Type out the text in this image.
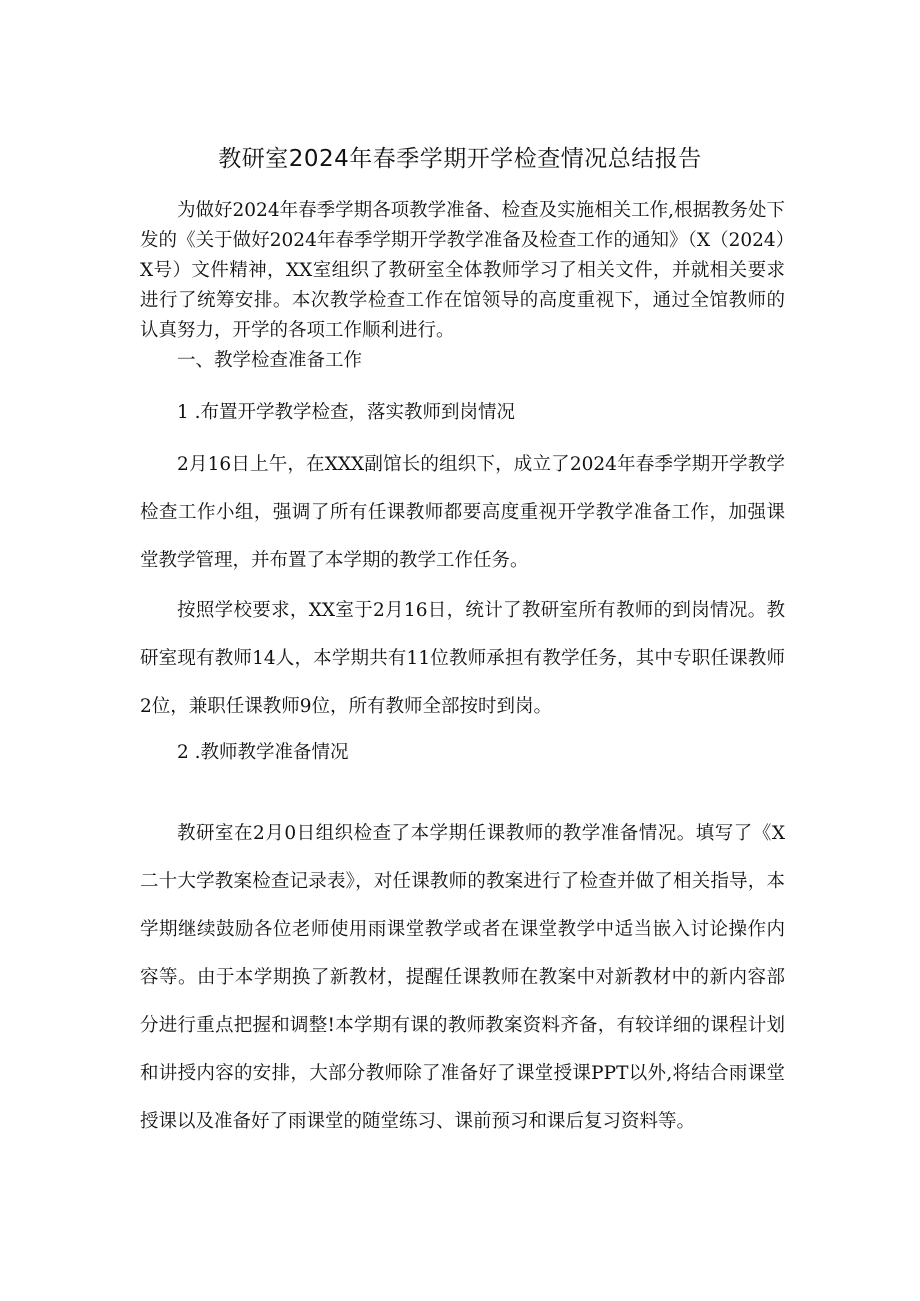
教研室2024年春季学期开学检查情况总结报告

为做好2024年春季学期各项教学准备、检查及实施相关工作,根据教务处下发的《关于做好2024年春季学期开学教学准备及检查工作的通知》（X（2024）X号）文件精神，XX室组织了教研室全体教师学习了相关文件，并就相关要求进行了统筹安排。本次教学检查工作在馆领导的高度重视下，通过全馆教师的认真努力，开学的各项工作顺利进行。

一、教学检查准备工作

1 .布置开学教学检查，落实教师到岗情况

2月16日上午，在XXX副馆长的组织下，成立了2024年春季学期开学教学检查工作小组，强调了所有任课教师都要高度重视开学教学准备工作，加强课堂教学管理，并布置了本学期的教学工作任务。

按照学校要求，XX室于2月16日，统计了教研室所有教师的到岗情况。教研室现有教师14人，本学期共有11位教师承担有教学任务，其中专职任课教师2位，兼职任课教师9位，所有教师全部按时到岗。

2 .教师教学准备情况

教研室在2月0日组织检查了本学期任课教师的教学准备情况。填写了《X二十大学教案检查记录表》，对任课教师的教案进行了检查并做了相关指导，本学期继续鼓励各位老师使用雨课堂教学或者在课堂教学中适当嵌入讨论操作内容等。由于本学期换了新教材，提醒任课教师在教案中对新教材中的新内容部分进行重点把握和调整!本学期有课的教师教案资料齐备，有较详细的课程计划和讲授内容的安排，大部分教师除了准备好了课堂授课PPT以外,将结合雨课堂授课以及准备好了雨课堂的随堂练习、课前预习和课后复习资料等。
